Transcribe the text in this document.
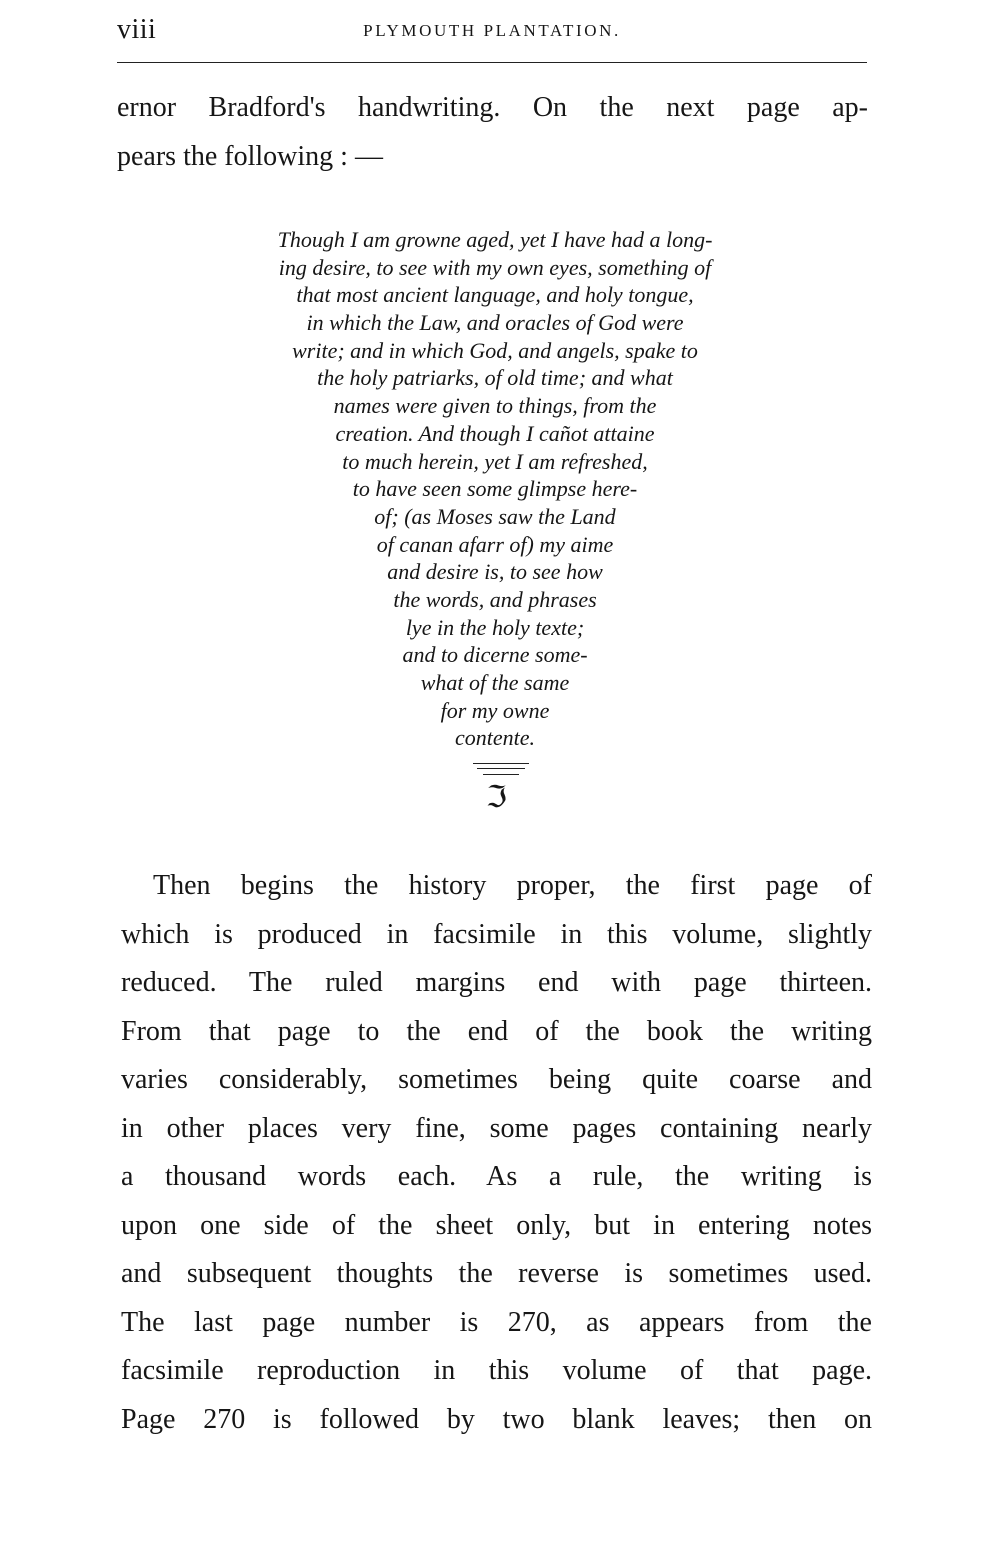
viii	PLYMOUTH PLANTATION.
ernor Bradford's handwriting. On the next page ap-
pears the following : —
Though I am growne aged, yet I have had a long-
ing desire, to see with my own eyes, something of
that most ancient language, and holy tongue,
in which the Law, and oracles of God were
write; and in which God, and angels, spake to
the holy patriarks, of old time; and what
names were given to things, from the
creation. And though I cañot attaine
to much herein, yet I am refreshed,
to have seen some glimpse here-
of; (as Moses saw the Land
of canan afarr of) my aime
and desire is, to see how
the words, and phrases
lye in the holy texte;
and to dicerne some-
what of the same
for my owne
contente.
ℑ
Then begins the history proper, the first page of
which is produced in facsimile in this volume, slightly
reduced. The ruled margins end with page thirteen.
From that page to the end of the book the writing
varies considerably, sometimes being quite coarse and
in other places very fine, some pages containing nearly
a thousand words each. As a rule, the writing is
upon one side of the sheet only, but in entering notes
and subsequent thoughts the reverse is sometimes used.
The last page number is 270, as appears from the
facsimile reproduction in this volume of that page.
Page 270 is followed by two blank leaves; then on
